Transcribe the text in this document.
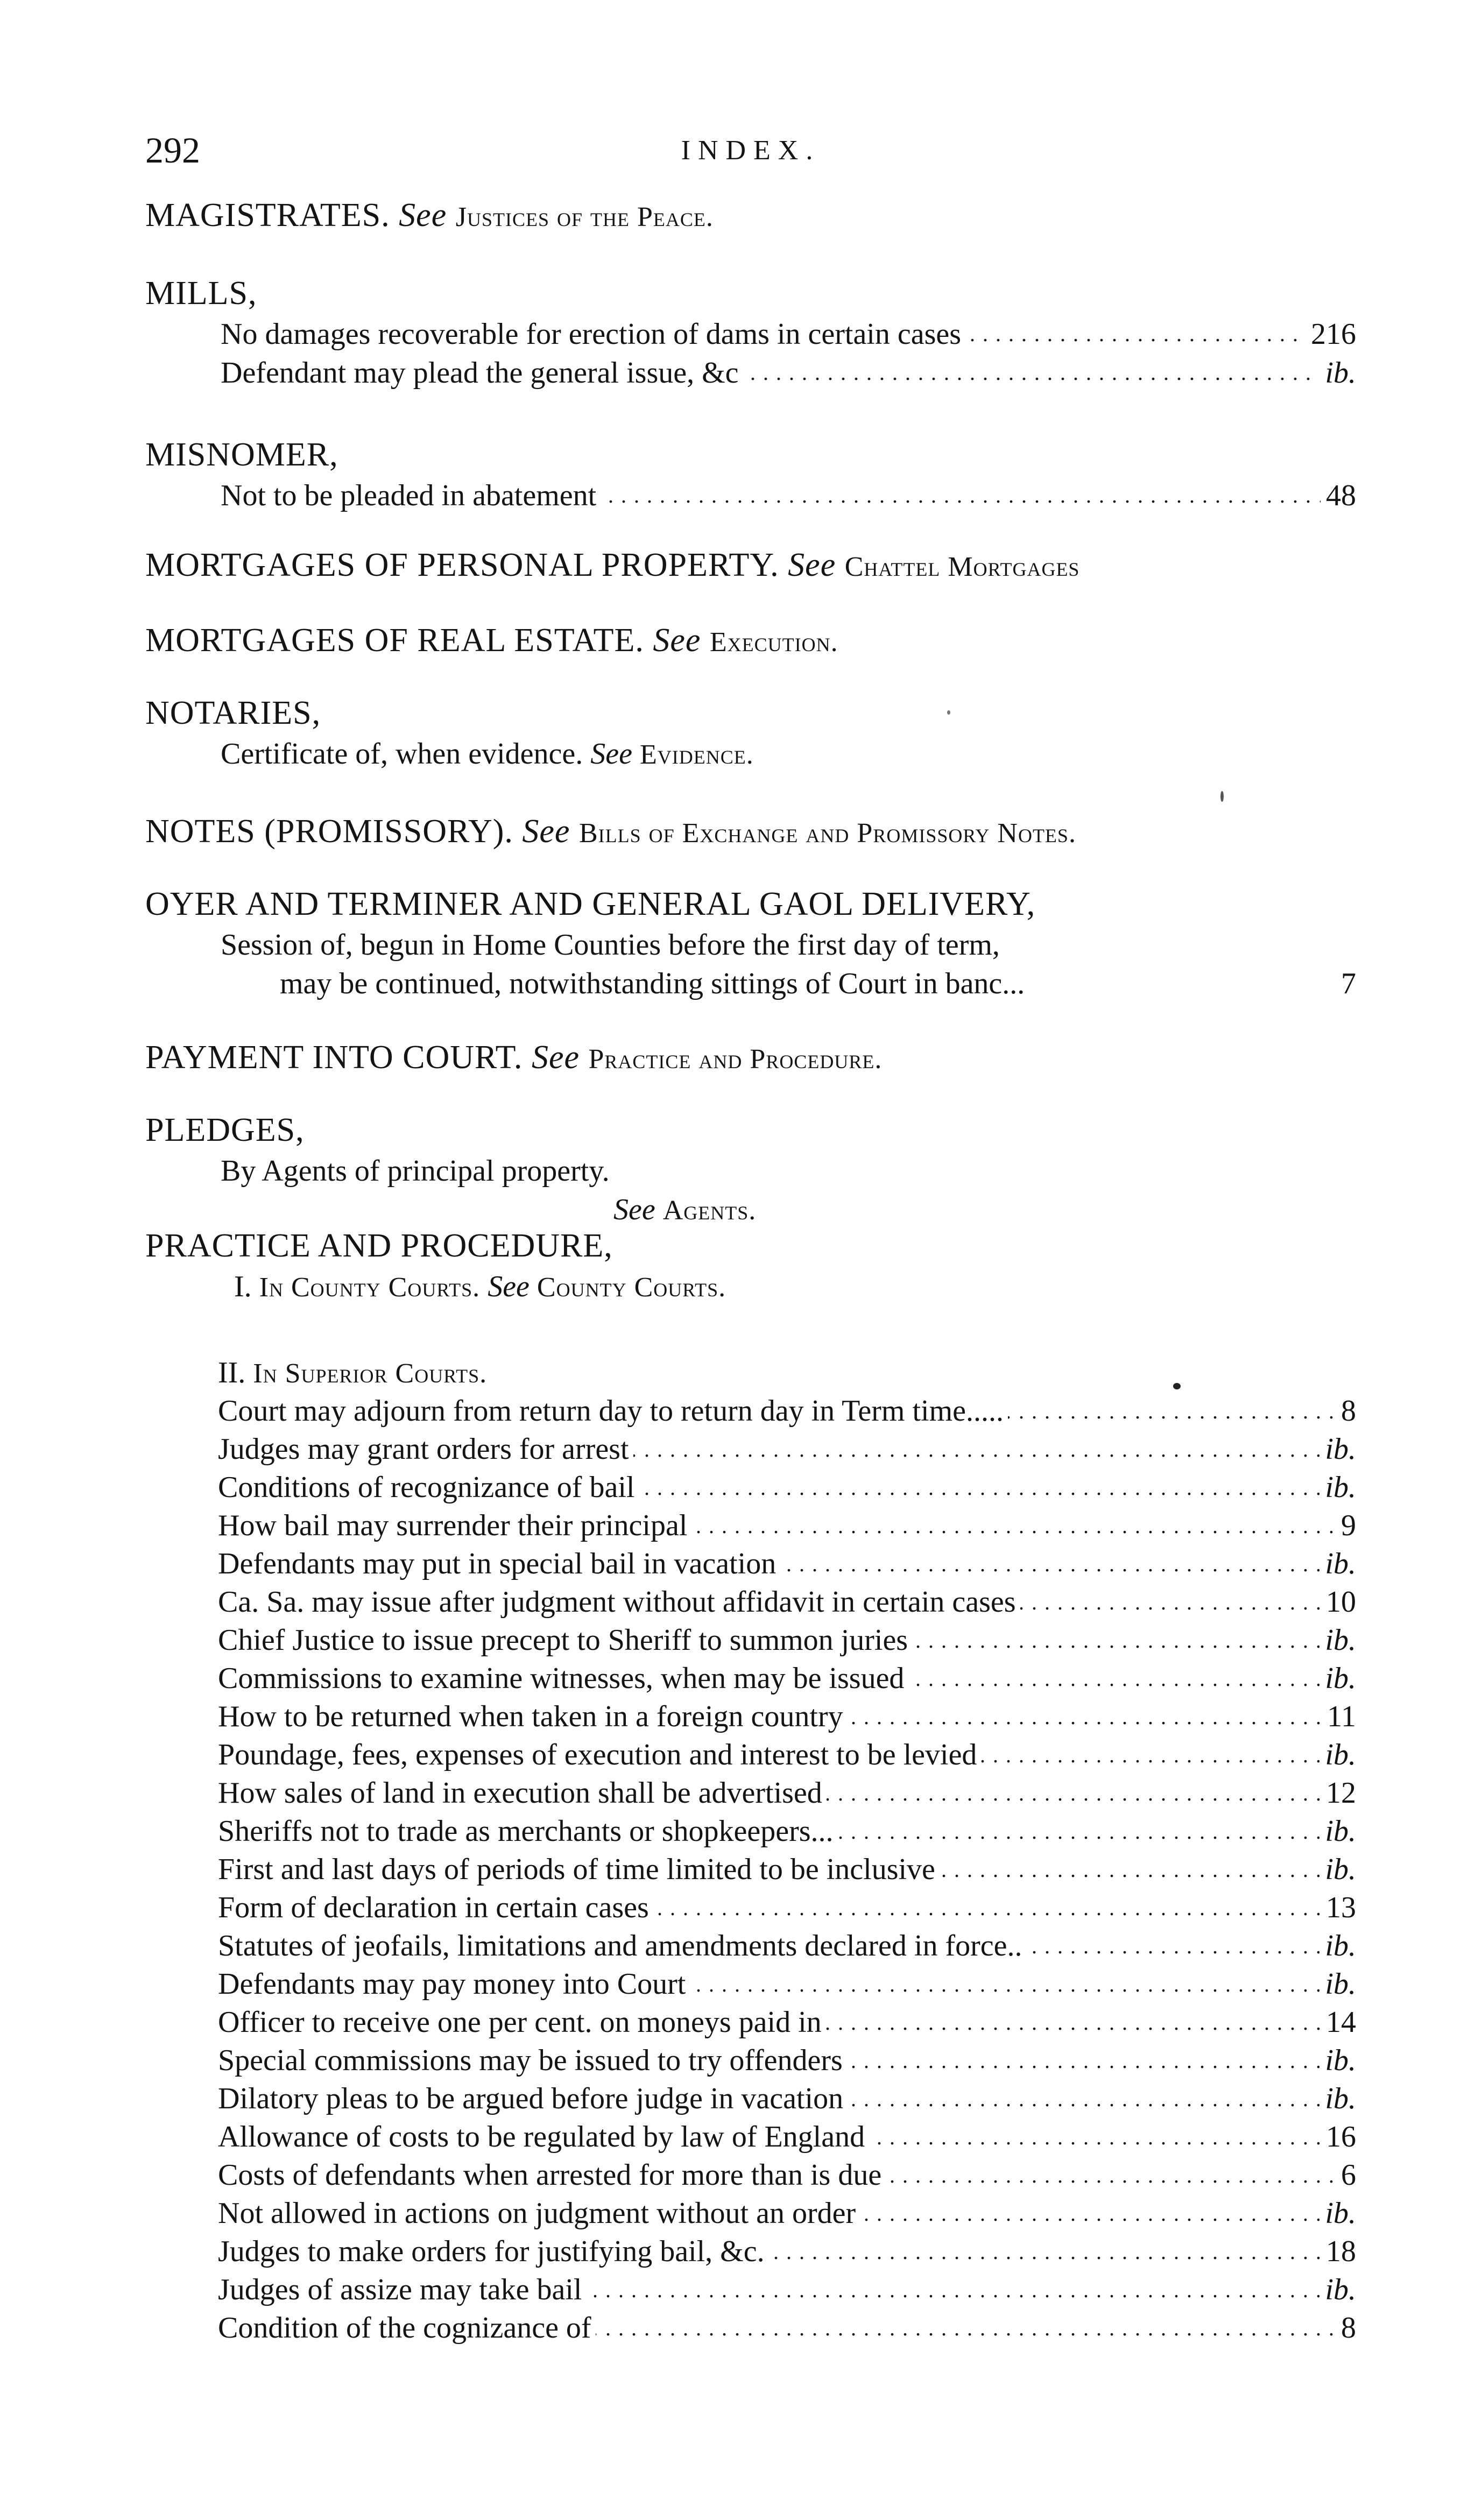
292	INDEX.
MAGISTRATES. See Justices of the Peace.
MILLS,
. . . No damages recoverable for erection of dams in certain cases	216
. . . Defendant may plead the general issue, &c	ib.
MISNOMER,
. . . Not to be pleaded in abatement	48
MORTGAGES OF PERSONAL PROPERTY. See Chattel Mortgages
MORTGAGES OF REAL ESTATE. See Execution.
NOTARIES,
Certificate of, when evidence. See Evidence.
NOTES (PROMISSORY). See Bills of Exchange and Promissory Notes.
OYER AND TERMINER AND GENERAL GAOL DELIVERY,
Session of, begun in Home Counties before the first day of term,
may be continued, notwithstanding sittings of Court in banc...	7
PAYMENT INTO COURT. See Practice and Procedure.
PLEDGES,
By Agents of principal property.
See Agents.
PRACTICE AND PROCEDURE,
I. In County Courts. See County Courts.
II. In Superior Courts.
. . . Court may adjourn from return day to return day in Term time.....	8
. . . Judges may grant orders for arrest	ib.
. . . Conditions of recognizance of bail	ib.
. . . How bail may surrender their principal	9
. . . Defendants may put in special bail in vacation	ib.
. . . Ca. Sa. may issue after judgment without affidavit in certain cases	10
. . . Chief Justice to issue precept to Sheriff to summon juries	ib.
. . . Commissions to examine witnesses, when may be issued	ib.
. . . How to be returned when taken in a foreign country	11
. . . Poundage, fees, expenses of execution and interest to be levied	ib.
. . . How sales of land in execution shall be advertised	12
. . . Sheriffs not to trade as merchants or shopkeepers...	ib.
. . . First and last days of periods of time limited to be inclusive	ib.
. . . Form of declaration in certain cases	13
. . . Statutes of jeofails, limitations and amendments declared in force..	ib.
. . . Defendants may pay money into Court	ib.
. . . Officer to receive one per cent. on moneys paid in	14
. . . Special commissions may be issued to try offenders	ib.
. . . Dilatory pleas to be argued before judge in vacation	ib.
. . . Allowance of costs to be regulated by law of England	16
. . . Costs of defendants when arrested for more than is due	6
. . . Not allowed in actions on judgment without an order	ib.
. . . Judges to make orders for justifying bail, &c.	18
. . . Judges of assize may take bail	ib.
. . . Condition of the cognizance of	8
